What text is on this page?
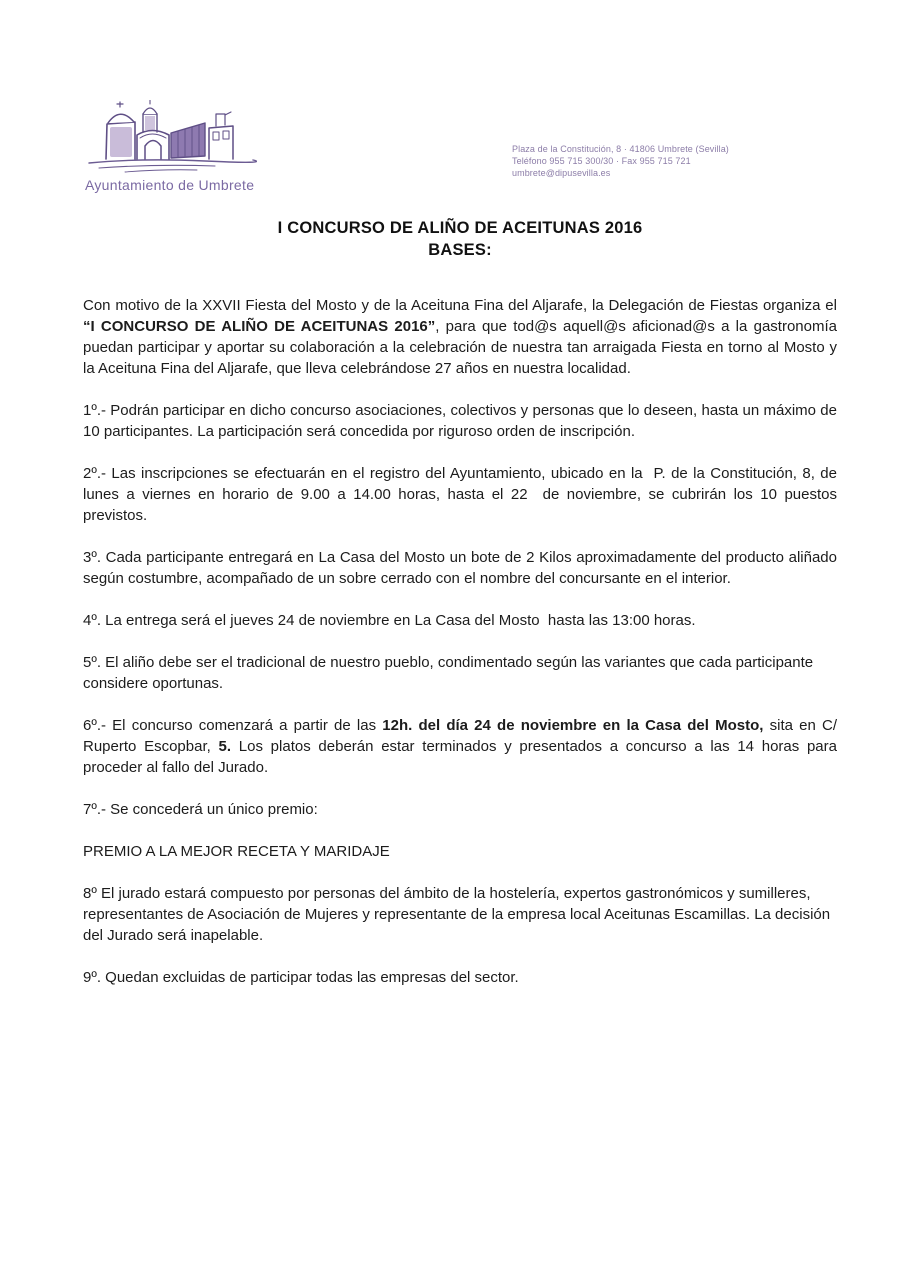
Ayuntamiento de Umbrete
Plaza de la Constitución, 8 · 41806 Umbrete (Sevilla)
Teléfono 955 715 300/30 · Fax 955 715 721
umbrete@dipusevilla.es
I CONCURSO DE ALIÑO DE ACEITUNAS 2016
BASES:

Con motivo de la XXVII Fiesta del Mosto y de la Aceituna Fina del Aljarafe, la Delegación de Fiestas organiza el “I CONCURSO DE ALIÑO DE ACEITUNAS 2016”, para que tod@s aquell@s aficionad@s a la gastronomía puedan participar y aportar su colaboración a la celebración de nuestra tan arraigada Fiesta en torno al Mosto y la Aceituna Fina del Aljarafe, que lleva celebrándose 27 años en nuestra localidad.

1º.- Podrán participar en dicho concurso asociaciones, colectivos y personas que lo deseen, hasta un máximo de 10 participantes. La participación será concedida por riguroso orden de inscripción.

2º.- Las inscripciones se efectuarán en el registro del Ayuntamiento, ubicado en la  P. de la Constitución, 8, de lunes a viernes en horario de 9.00 a 14.00 horas, hasta el 22  de noviembre, se cubrirán los 10 puestos previstos.

3º. Cada participante entregará en La Casa del Mosto un bote de 2 Kilos aproximadamente del producto aliñado según costumbre, acompañado de un sobre cerrado con el nombre del concursante en el interior.

4º. La entrega será el jueves 24 de noviembre en La Casa del Mosto  hasta las 13:00 horas.

5º. El aliño debe ser el tradicional de nuestro pueblo, condimentado según las variantes que cada participante considere oportunas.

6º.- El concurso comenzará a partir de las 12h. del día 24 de noviembre en la Casa del Mosto, sita en C/ Ruperto Escopbar, 5. Los platos deberán estar terminados y presentados a concurso a las 14 horas para proceder al fallo del Jurado.

7º.- Se concederá un único premio:

PREMIO A LA MEJOR RECETA Y MARIDAJE

8º El jurado estará compuesto por personas del ámbito de la hostelería, expertos gastronómicos y sumilleres, representantes de Asociación de Mujeres y representante de la empresa local Aceitunas Escamillas. La decisión del Jurado será inapelable.

9º. Quedan excluidas de participar todas las empresas del sector.
